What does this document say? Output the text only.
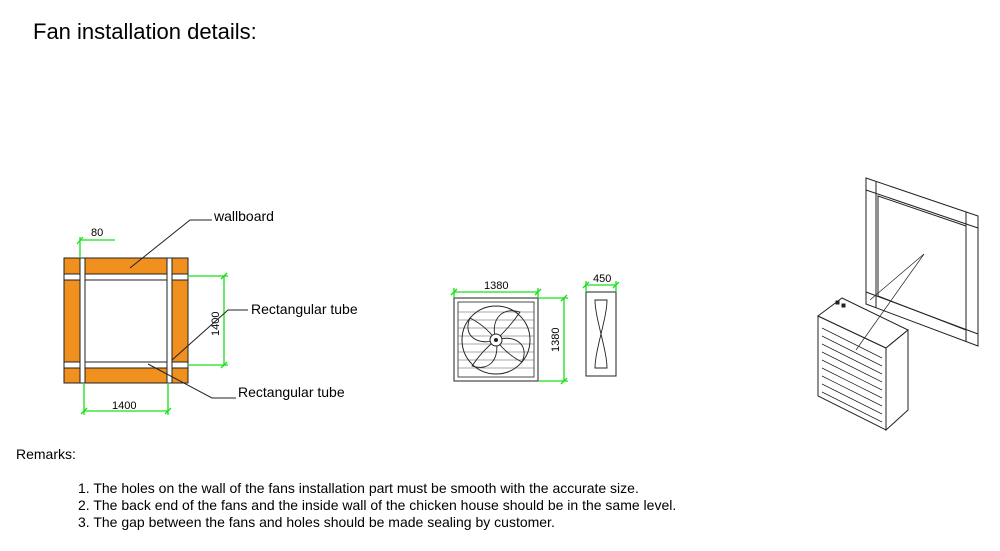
Fan installation details:
80
1400
1400
wallboard
Rectangular tube
Rectangular tube
1380
1380
450
Remarks:
1. The holes on the wall of the fans installation part must be smooth with the accurate size.
2. The back end of the fans and the inside wall of the chicken house should be in the same level.
3. The gap between the fans and holes should be made sealing by customer.
